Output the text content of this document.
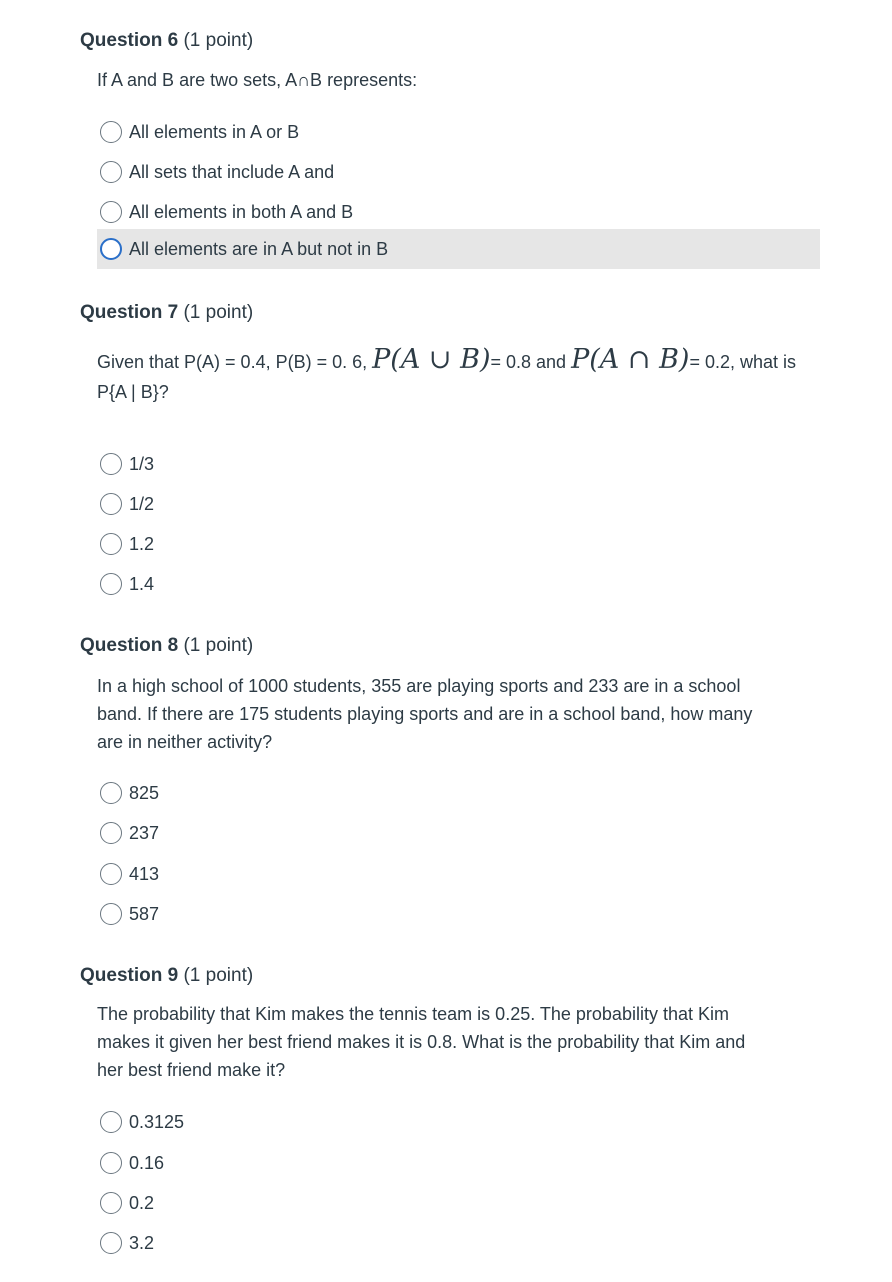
Question 6 (1 point)
If A and B are two sets, A∩B represents:
All elements in A or B
All sets that include A and
All elements in both A and B
All elements are in A but not in B
Question 7 (1 point)
Given that P(A) = 0.4, P(B) = 0. 6, P(A ∪ B)= 0.8 and P(A ∩ B)= 0.2, what is
P{A | B}?
1/3
1/2
1.2
1.4
Question 8 (1 point)
In a high school of 1000 students, 355 are playing sports and 233 are in a school
band. If there are 175 students playing sports and are in a school band, how many
are in neither activity?
825
237
413
587
Question 9 (1 point)
The probability that Kim makes the tennis team is 0.25. The probability that Kim
makes it given her best friend makes it is 0.8. What is the probability that Kim and
her best friend make it?
0.3125
0.16
0.2
3.2
